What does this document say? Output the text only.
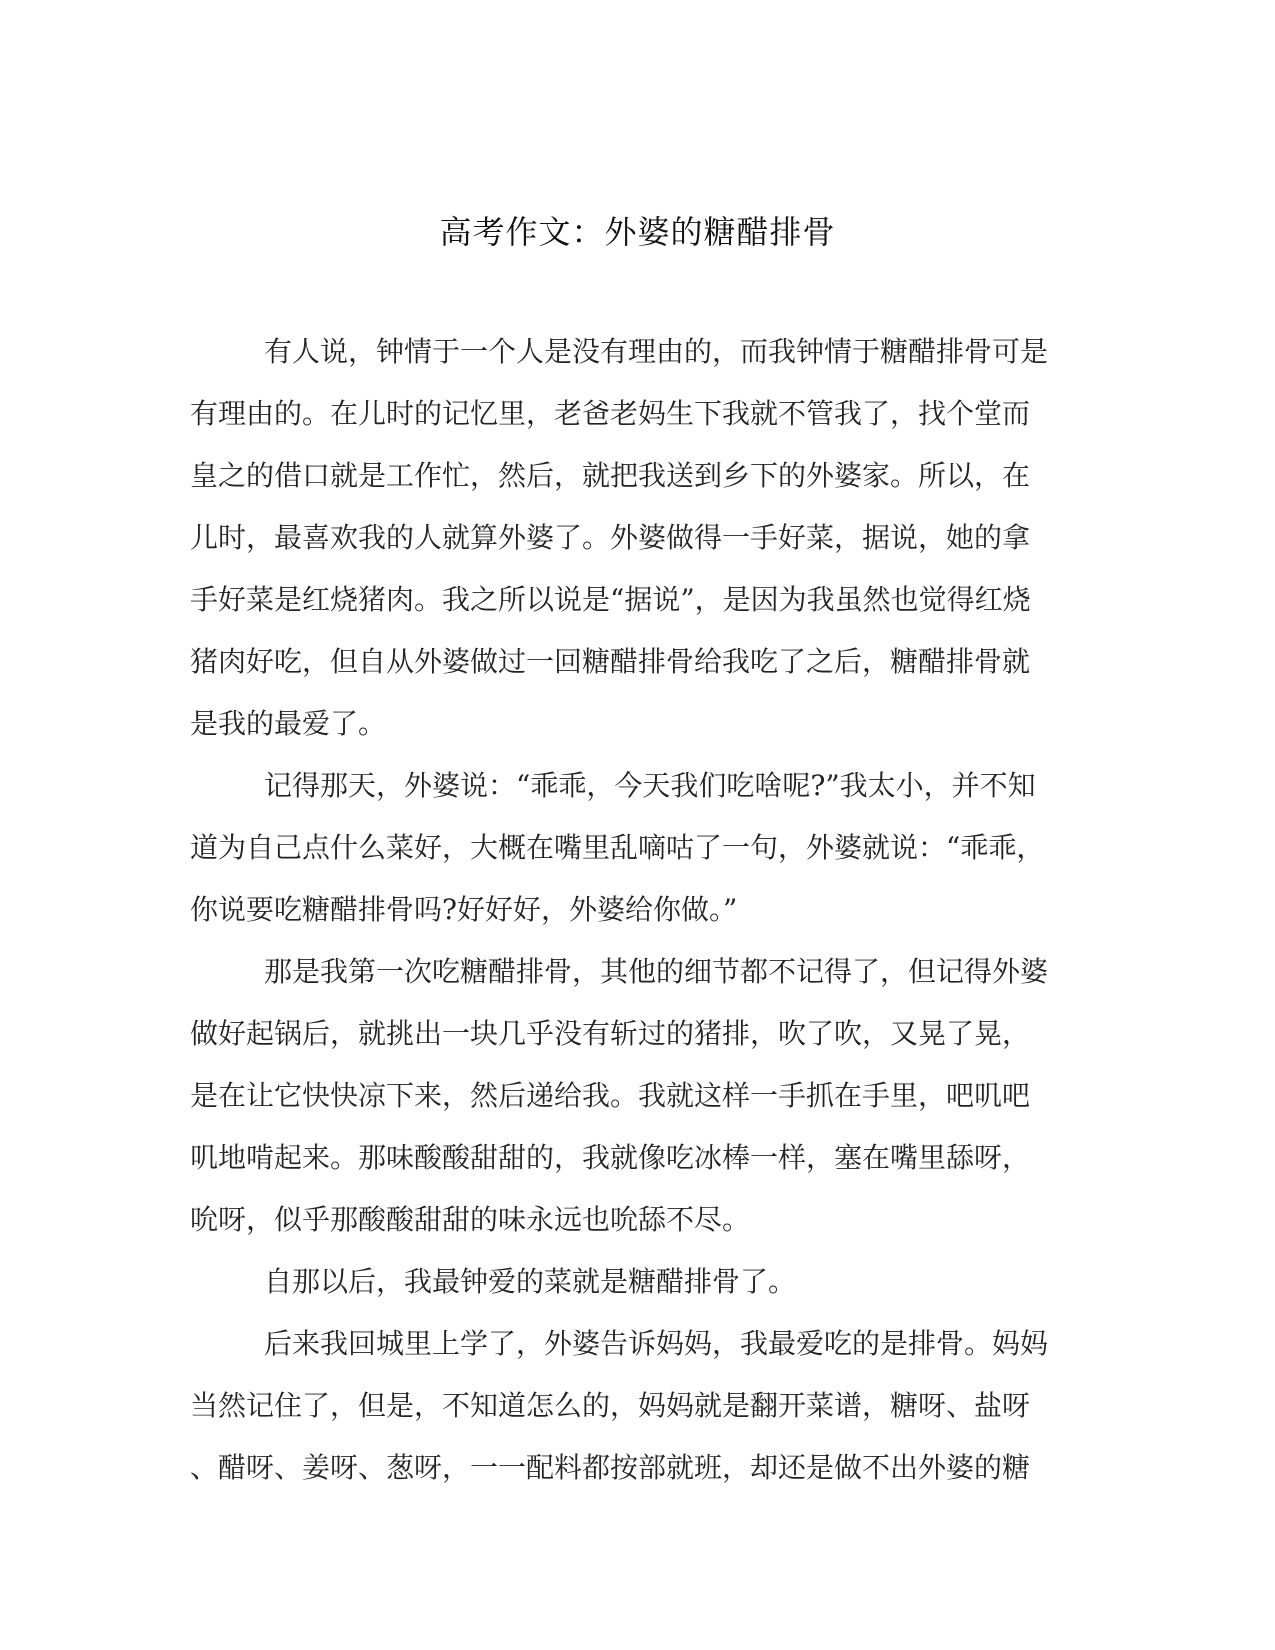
高考作文：外婆的糖醋排骨
有人说，钟情于一个人是没有理由的，而我钟情于糖醋排骨可是
有理由的。在儿时的记忆里，老爸老妈生下我就不管我了，找个堂而
皇之的借口就是工作忙，然后，就把我送到乡下的外婆家。所以，在
儿时，最喜欢我的人就算外婆了。外婆做得一手好菜，据说，她的拿
手好菜是红烧猪肉。我之所以说是“据说”，是因为我虽然也觉得红烧
猪肉好吃，但自从外婆做过一回糖醋排骨给我吃了之后，糖醋排骨就
是我的最爱了。
记得那天，外婆说：“乖乖，今天我们吃啥呢?”我太小，并不知
道为自己点什么菜好，大概在嘴里乱嘀咕了一句，外婆就说：“乖乖，
你说要吃糖醋排骨吗?好好好，外婆给你做。”
那是我第一次吃糖醋排骨，其他的细节都不记得了，但记得外婆
做好起锅后，就挑出一块几乎没有斩过的猪排，吹了吹，又晃了晃，
是在让它快快凉下来，然后递给我。我就这样一手抓在手里，吧叽吧
叽地啃起来。那味酸酸甜甜的，我就像吃冰棒一样，塞在嘴里舔呀，
吮呀，似乎那酸酸甜甜的味永远也吮舔不尽。
自那以后，我最钟爱的菜就是糖醋排骨了。
后来我回城里上学了，外婆告诉妈妈，我最爱吃的是排骨。妈妈
当然记住了，但是，不知道怎么的，妈妈就是翻开菜谱，糖呀、盐呀
、醋呀、姜呀、葱呀，一一配料都按部就班，却还是做不出外婆的糖
